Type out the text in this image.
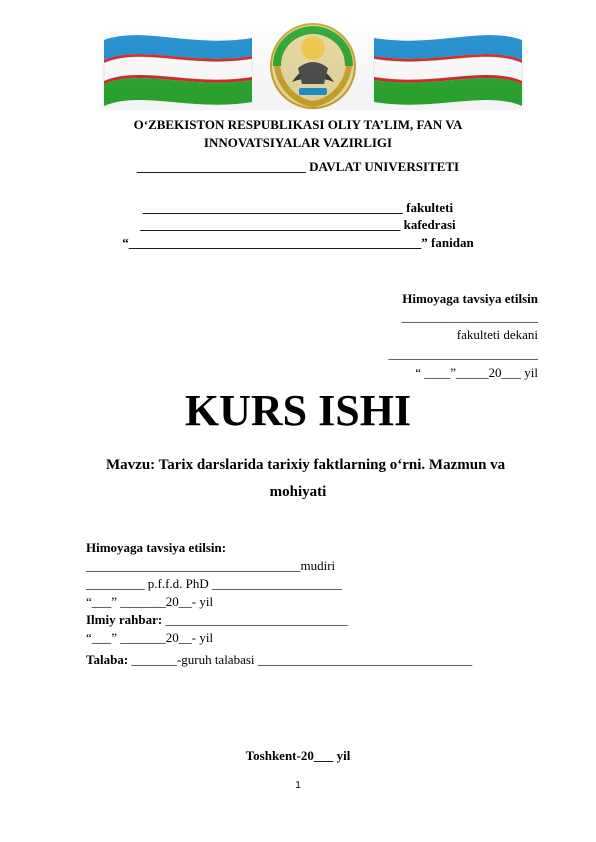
O‘ZBEKISTON RESPUBLIKASI OLIY TA’LIM, FAN VA
INNOVATSIYALAR VAZIRLIGI
__________________________ DAVLAT UNIVERSITETI
________________________________________ fakulteti
________________________________________ kafedrasi
“_____________________________________________” fanidan
Himoyaga tavsiya etilsin
_____________________
fakulteti dekani
_______________________
“ ____”_____20___ yil
KURS ISHI
Mavzu: Tarix darslarida tarixiy faktlarning o‘rni. Mazmun va
mohiyati
Himoyaga tavsiya etilsin:
_________________________________mudiri
_________ p.f.f.d. PhD ____________________
“___” _______20__- yil
Ilmiy rahbar: ____________________________
“___” _______20__- yil
Talaba: _______-guruh talabasi _________________________________
Toshkent-20___ yil
1
